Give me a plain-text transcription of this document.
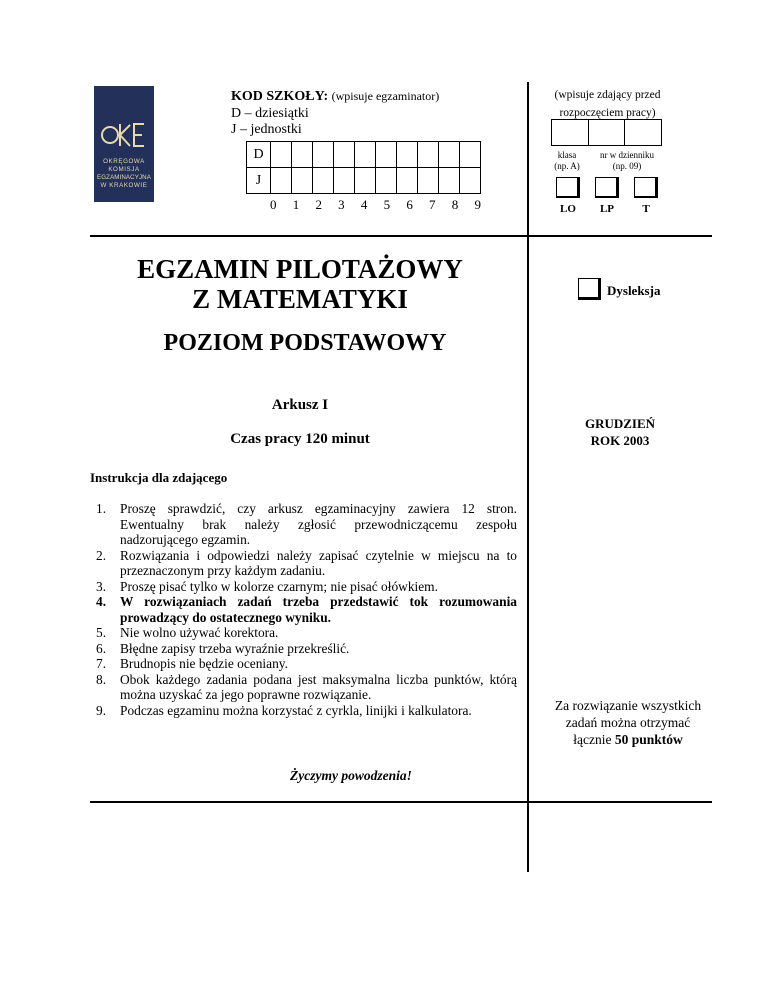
OKRĘGOWA
KOMISJA
EGZAMINACYJNA
W KRAKOWIE
KOD SZKOŁY: (wpisuje egzaminator)
D – dziesiątki
J – jednostki
D
J
0 1 2 3 4 5 6 7 8 9
(wpisuje zdający przed rozpoczęciem pracy)
klasa
(np. A)
nr w dzienniku
(np. 09)
LO	LP	T
EGZAMIN PILOTAŻOWY
Z MATEMATYKI	Dysleksja
POZIOM PODSTAWOWY
Arkusz I
Czas pracy 120 minut
GRUDZIEŃ
ROK 2003
Instrukcja dla zdającego
1. Proszę sprawdzić, czy arkusz egzaminacyjny zawiera 12 stron. Ewentualny brak należy zgłosić przewodniczącemu zespołu nadzorującego egzamin.
2. Rozwiązania i odpowiedzi należy zapisać czytelnie w miejscu na to przeznaczonym przy każdym zadaniu.
3. Proszę pisać tylko w kolorze czarnym; nie pisać ołówkiem.
4. W rozwiązaniach zadań trzeba przedstawić tok rozumowania prowadzący do ostatecznego wyniku.
5. Nie wolno używać korektora.
6. Błędne zapisy trzeba wyraźnie przekreślić.
7. Brudnopis nie będzie oceniany.
8. Obok każdego zadania podana jest maksymalna liczba punktów, którą można uzyskać za jego poprawne rozwiązanie.
9. Podczas egzaminu można korzystać z cyrkla, linijki i kalkulatora.
Życzymy powodzenia!
Za rozwiązanie wszystkich
zadań można otrzymać
łącznie 50 punktów
